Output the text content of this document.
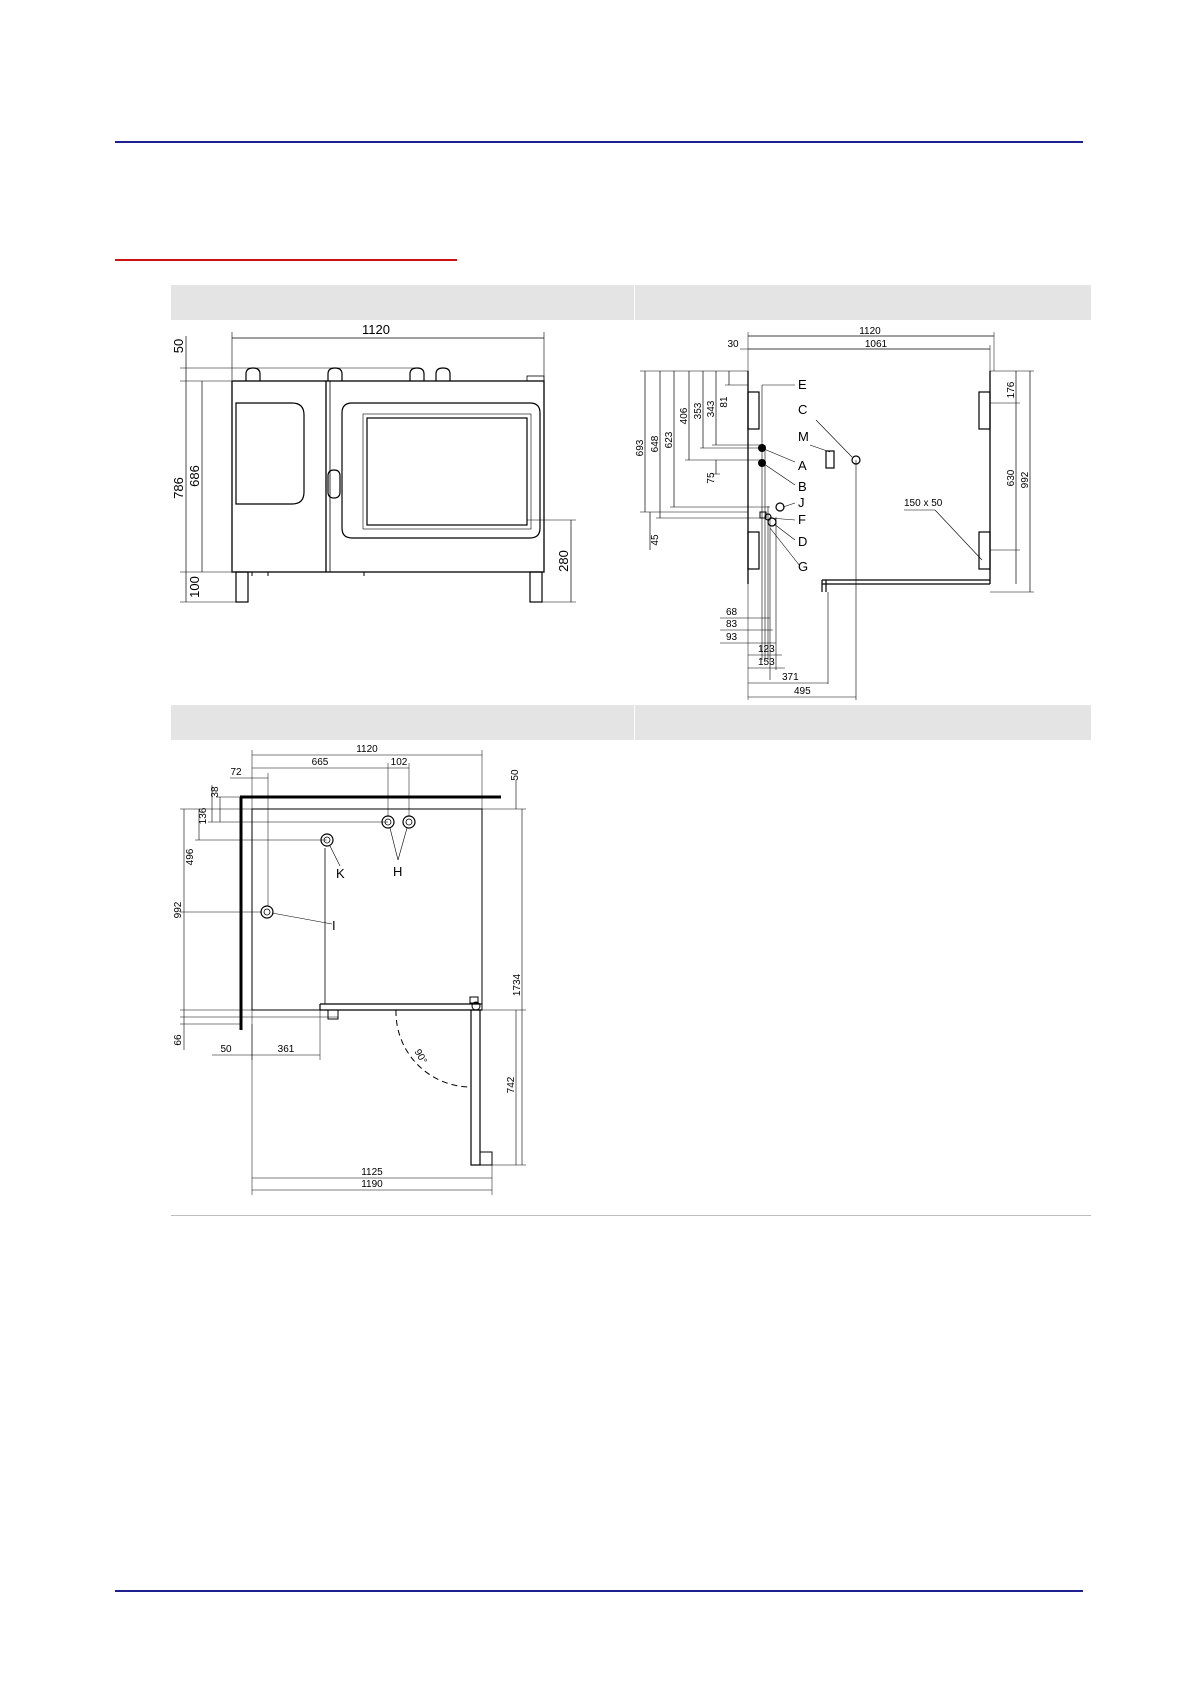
1120
50
786
686
100
280
1120
30	1061
693 648 623
406 353 343 81
75
45
176
630 992
150 x 50
68
83
93
123
153
371
495
E
C
M
A
B
J
F
D
G
1120
665	102
72	50
38
136
496
992
66
50	361
1734
742
90°
1125
1190
K	H
I
